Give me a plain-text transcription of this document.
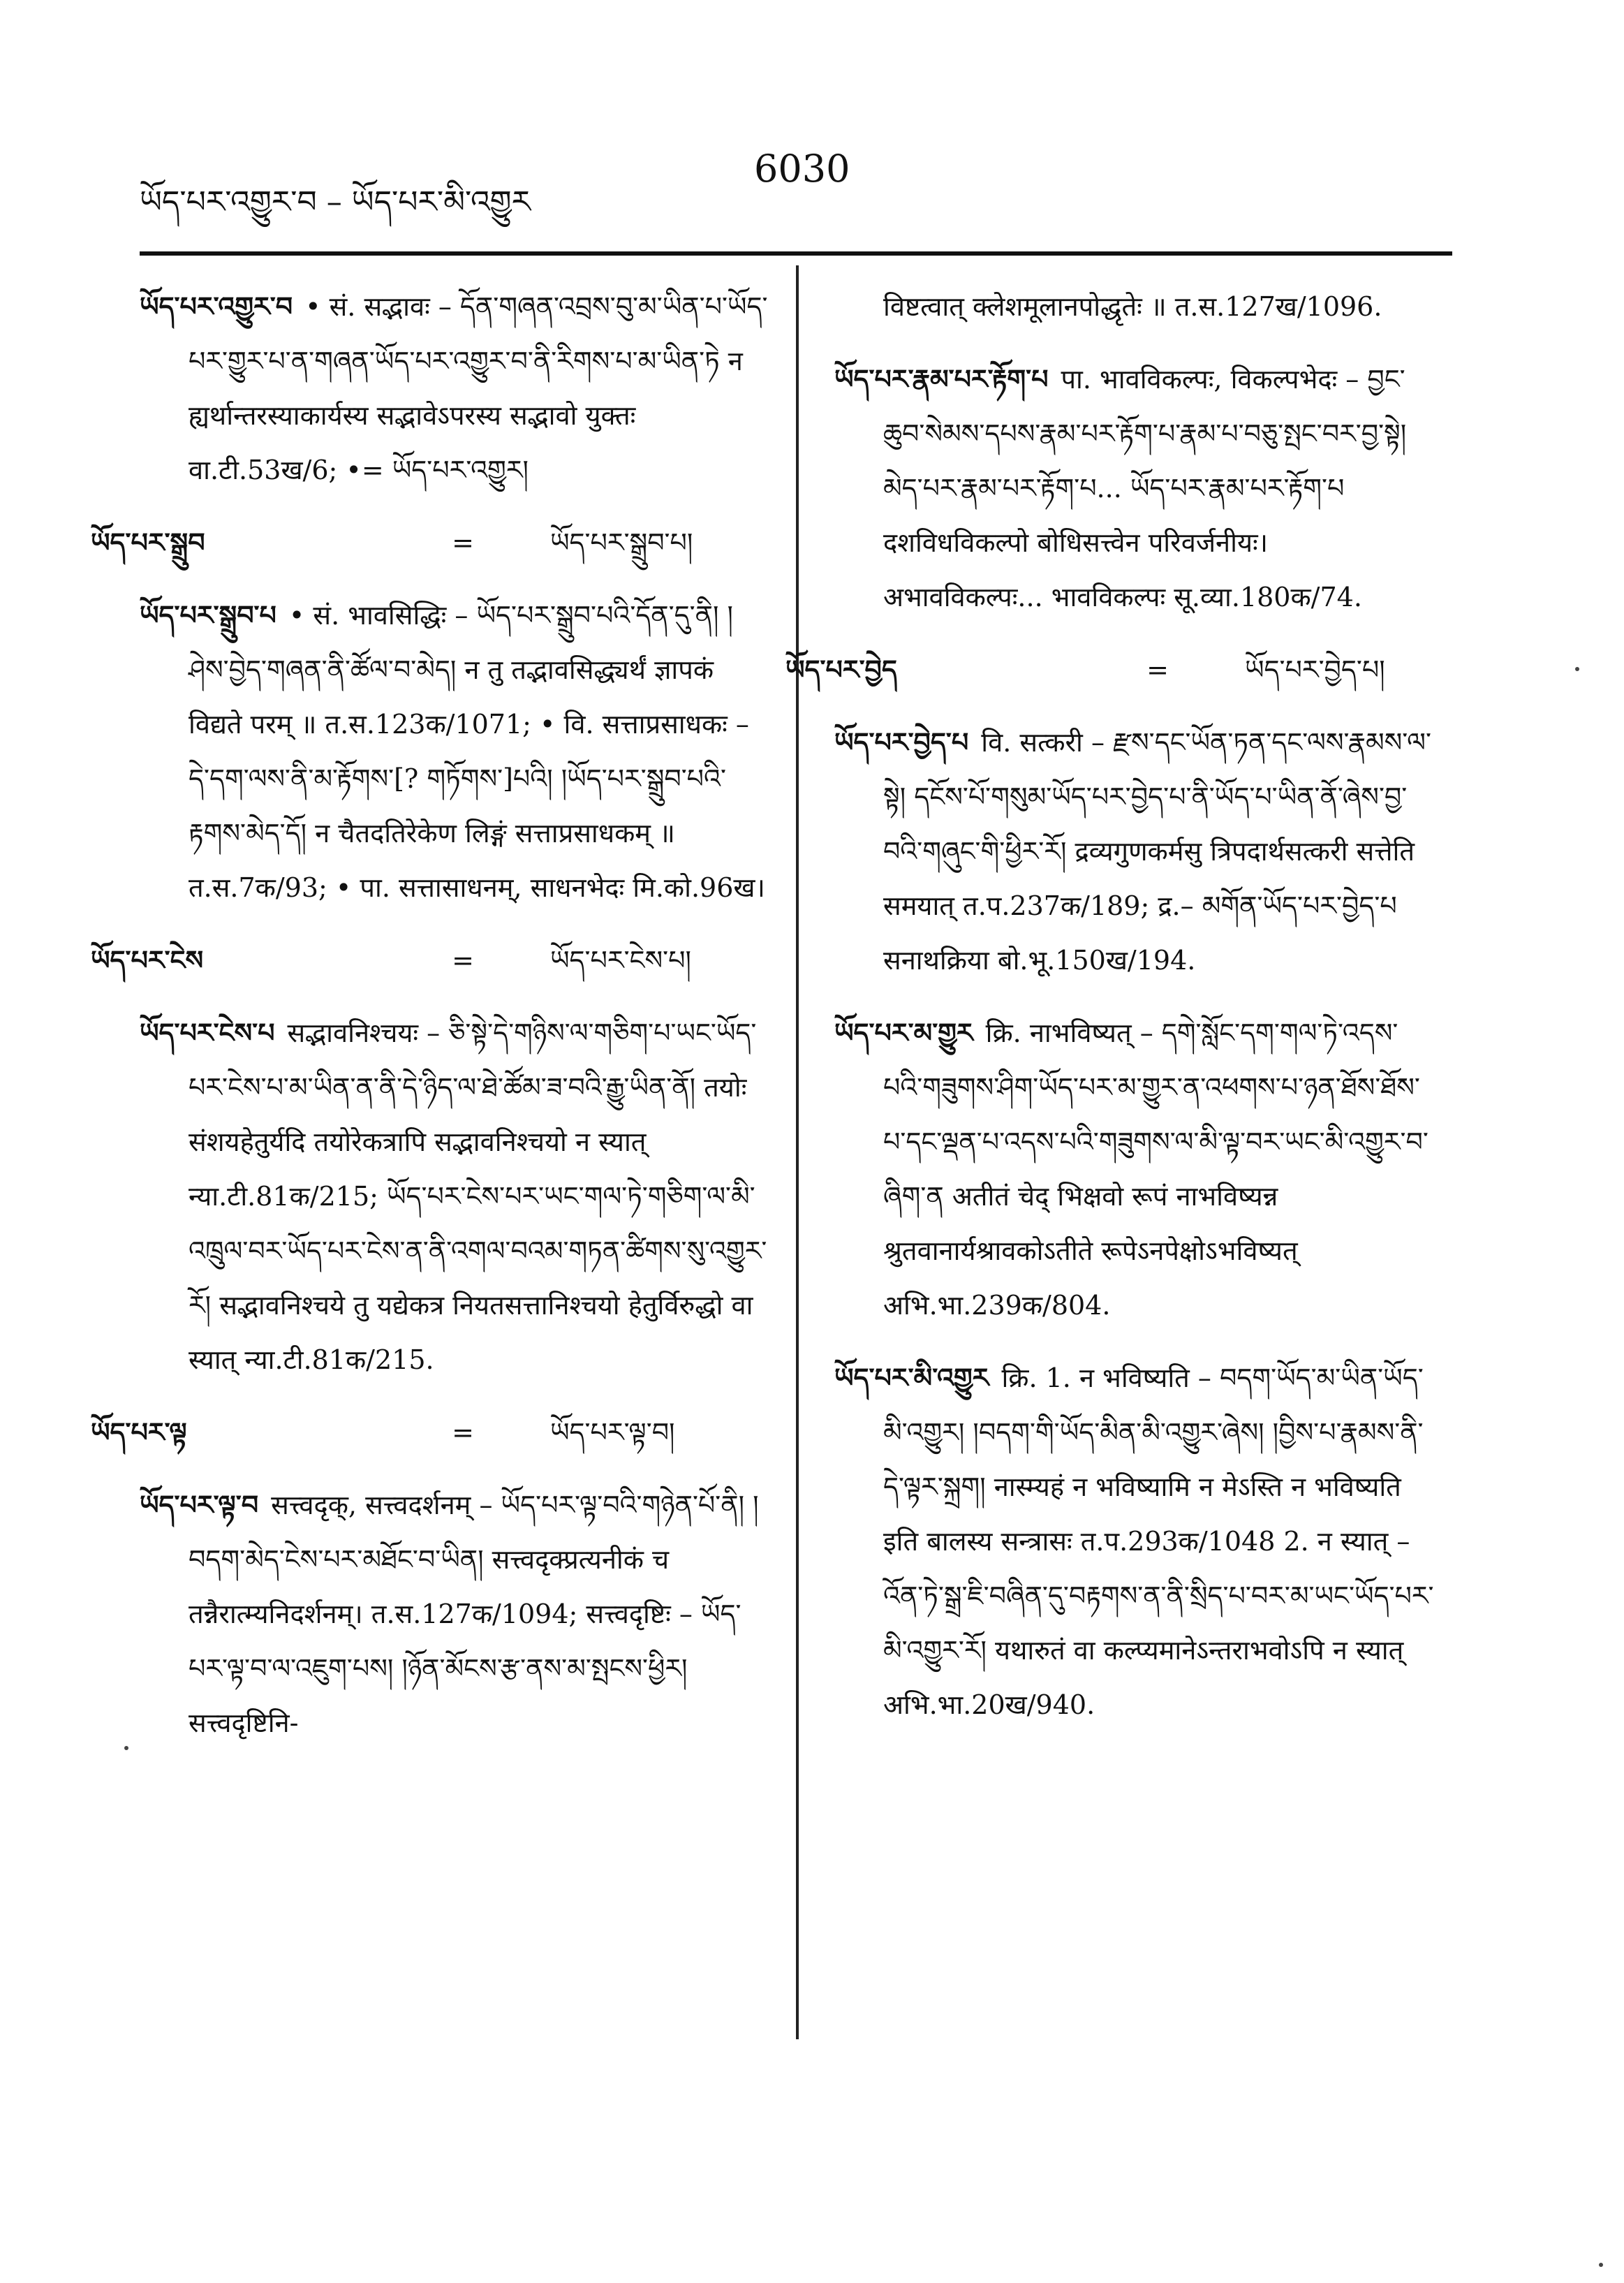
ཡོད་པར་འགྱུར་བ – ཡོད་པར་མི་འགྱུར
6030

ཡོད་པར་འགྱུར་བ • सं. सद्भावः – དོན་གཞན་འབྲས་བུ་མ་ཡིན་པ་ཡོད་པར་གྱུར་པ་ན་གཞན་ཡོད་པར་འགྱུར་བ་ནི་རིགས་པ་མ་ཡིན་ཏེ न ह्यर्थान्तरस्याकार्यस्य सद्भावेऽपरस्य सद्भावो युक्तः वा.टी.53ख/6; •= ཡོད་པར་འགྱུར།

ཡོད་པར་སྒྲུབ	=	ཡོད་པར་སྒྲུབ་པ།

ཡོད་པར་སྒྲུབ་པ • सं. भावसिद्धिः – ཡོད་པར་སྒྲུབ་པའི་དོན་དུ་ནི། །ཤེས་བྱེད་གཞན་ནི་ཚོལ་བ་མེད། न तु तद्भावसिद्ध्यर्थं ज्ञापकं विद्यते परम् ॥ त.स.123क/1071; • वि. सत्ताप्रसाधकः – དེ་དག་ལས་ནི་མ་རྟོགས་[? གཏོགས་]པའི། །ཡོད་པར་སྒྲུབ་པའི་རྟགས་མེད་དོ། न चैतदतिरेकेण लिङ्गं सत्ताप्रसाधकम् ॥ त.स.7क/93; • पा. सत्तासाधनम्, साधनभेदः मि.को.96ख।

ཡོད་པར་ངེས	=	ཡོད་པར་ངེས་པ།

ཡོད་པར་ངེས་པ सद्भावनिश्चयः – ཅི་སྟེ་དེ་གཉིས་ལ་གཅིག་པ་ཡང་ཡོད་པར་ངེས་པ་མ་ཡིན་ན་ནི་དེ་ཉིད་ལ་ཐེ་ཚོམ་ཟ་བའི་རྒྱུ་ཡིན་ནོ། तयोः संशयहेतुर्यदि तयोरेकत्रापि सद्भावनिश्चयो न स्यात् न्या.टी.81क/215; ཡོད་པར་ངེས་པར་ཡང་གལ་ཏེ་གཅིག་ལ་མི་འཁྲུལ་བར་ཡོད་པར་ངེས་ན་ནི་འགལ་བའམ་གཏན་ཚིགས་སུ་འགྱུར་རོ། सद्भावनिश्चये तु यद्येकत्र नियतसत्तानिश्चयो हेतुर्विरुद्धो वा स्यात् न्या.टी.81क/215.

ཡོད་པར་ལྟ	=	ཡོད་པར་ལྟ་བ།

ཡོད་པར་ལྟ་བ सत्त्वदृक्, सत्त्वदर्शनम् – ཡོད་པར་ལྟ་བའི་གཉེན་པོ་ནི། །བདག་མེད་ངེས་པར་མཐོང་བ་ཡིན། सत्त्वदृक्प्रत्यनीकं च तन्नैरात्म्यनिदर्शनम्। त.स.127क/1094; सत्त्वदृष्टिः – ཡོད་པར་ལྟ་བ་ལ་འཇུག་པས། །ཉོན་མོངས་རྩ་ནས་མ་སྤངས་ཕྱིར། सत्त्वदृष्टिनि-

विष्टत्वात् क्लेशमूलानपोद्धृतेः ॥ त.स.127ख/1096.

ཡོད་པར་རྣམ་པར་རྟོག་པ पा. भावविकल्पः, विकल्पभेदः – བྱང་ཆུབ་སེམས་དཔས་རྣམ་པར་རྟོག་པ་རྣམ་པ་བཅུ་སྤང་བར་བྱ་སྟེ། མེད་པར་རྣམ་པར་རྟོག་པ... ཡོད་པར་རྣམ་པར་རྟོག་པ दशविधविकल्पो बोधिसत्त्वेन परिवर्जनीयः। अभावविकल्पः... भावविकल्पः सू.व्या.180क/74.

ཡོད་པར་བྱེད	=	ཡོད་པར་བྱེད་པ།

ཡོད་པར་བྱེད་པ वि. सत्करी – རྫས་དང་ཡོན་ཏན་དང་ལས་རྣམས་ལ་སྟེ། དངོས་པོ་གསུམ་ཡོད་པར་བྱེད་པ་ནི་ཡོད་པ་ཡིན་ནོ་ཞེས་བྱ་བའི་གཞུང་གི་ཕྱིར་རོ། द्रव्यगुणकर्मसु त्रिपदार्थसत्करी सत्तेति समयात् त.प.237क/189; द्र.– མགོན་ཡོད་པར་བྱེད་པ सनाथक्रिया बो.भू.150ख/194.

ཡོད་པར་མ་གྱུར क्रि. नाभविष्यत् – དགེ་སློང་དག་གལ་ཏེ་འདས་པའི་གཟུགས་ཤིག་ཡོད་པར་མ་གྱུར་ན་འཕགས་པ་ཉན་ཐོས་ཐོས་པ་དང་ལྡན་པ་འདས་པའི་གཟུགས་ལ་མི་ལྟ་བར་ཡང་མི་འགྱུར་བ་ཞིག་ན अतीतं चेद् भिक्षवो रूपं नाभविष्यन्न श्रुतवानार्यश्रावकोऽतीते रूपेऽनपेक्षोऽभविष्यत् अभि.भा.239क/804.

ཡོད་པར་མི་འགྱུར क्रि. 1. न भविष्यति – བདག་ཡོད་མ་ཡིན་ཡོད་མི་འགྱུར། །བདག་གི་ཡོད་མིན་མི་འགྱུར་ཞེས། །བྱིས་པ་རྣམས་ནི་དེ་ལྟར་སྐྲག། नास्म्यहं न भविष्यामि न मेऽस्ति न भविष्यति इति बालस्य सन्त्रासः त.प.293क/1048 2. न स्यात् – འོན་ཏེ་སྒྲ་ཇི་བཞིན་དུ་བརྟགས་ན་ནི་སྲིད་པ་བར་མ་ཡང་ཡོད་པར་མི་འགྱུར་རོ། यथारुतं वा कल्प्यमानेऽन्तराभवोऽपि न स्यात् अभि.भा.20ख/940.
